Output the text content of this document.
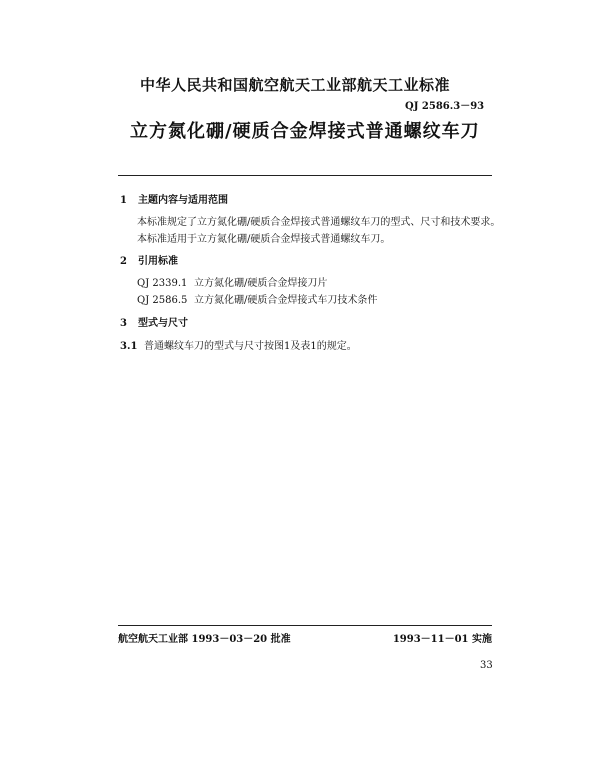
中华人民共和国航空航天工业部航天工业标准
QJ 2586.3－93
立方氮化硼/硬质合金焊接式普通螺纹车刀
1 主题内容与适用范围
本标准规定了立方氮化硼/硬质合金焊接式普通螺纹车刀的型式、尺寸和技术要求。
本标准适用于立方氮化硼/硬质合金焊接式普通螺纹车刀。
2 引用标准
QJ 2339.1 立方氮化硼/硬质合金焊接刀片
QJ 2586.5 立方氮化硼/硬质合金焊接式车刀技术条件
3 型式与尺寸
3.1 普通螺纹车刀的型式与尺寸按图1及表1的规定。
航空航天工业部 1993－03－20 批准	1993－11－01 实施
33
